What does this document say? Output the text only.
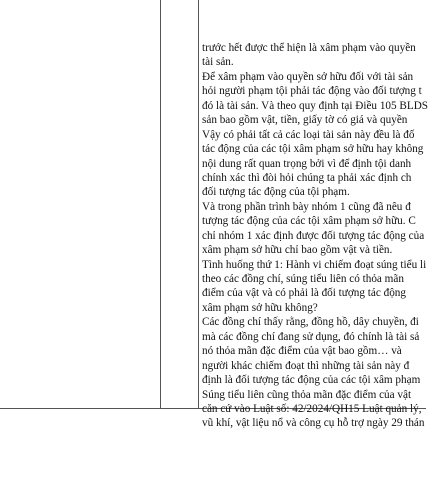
trước hết được thể hiện là xâm phạm vào quyền
tài sản.
Để xâm phạm vào quyền sở hữu đối với tài sản
hỏi người phạm tội phải tác động vào đối tượng t
đó là tài sản. Và theo quy định tại Điều 105 BLDS
sản bao gồm vật, tiền, giấy tờ có giá và quyền
Vậy có phải tất cả các loại tài sản này đều là đố
tác động của các tội xâm phạm sở hữu hay không
nội dung rất quan trọng bởi vì để định tội danh
chính xác thì đòi hỏi chúng ta phải xác định ch
đối tượng tác động của tội phạm.
Và trong phần trình bày nhóm 1 cũng đã nêu đ
tượng tác động của các tội xâm phạm sở hữu. C
chỉ nhóm 1 xác định được đối tượng tác động của
xâm phạm sở hữu chỉ bao gồm vật và tiền.
Tình huống thứ 1: Hành vi chiếm đoạt súng tiểu li
theo các đồng chí, súng tiểu liên có thỏa mãn
điểm của vật và có phải là đối tượng tác động
xâm phạm sở hữu không?
Các đồng chí thấy rằng, đồng hồ, dây chuyền, đi
mà các đồng chí đang sử dụng, đó chính là tài sả
nó thỏa mãn đặc điểm của vật bao gồm… và
người khác chiếm đoạt thì những tài sản này đ
định là đối tượng tác động của các tội xâm phạm
Súng tiểu liên cũng thỏa mãn đặc điểm của vật
căn cứ vào Luật số: 42/2024/QH15 Luật quản lý,
vũ khí, vật liệu nổ và công cụ hỗ trợ ngày 29 thán
